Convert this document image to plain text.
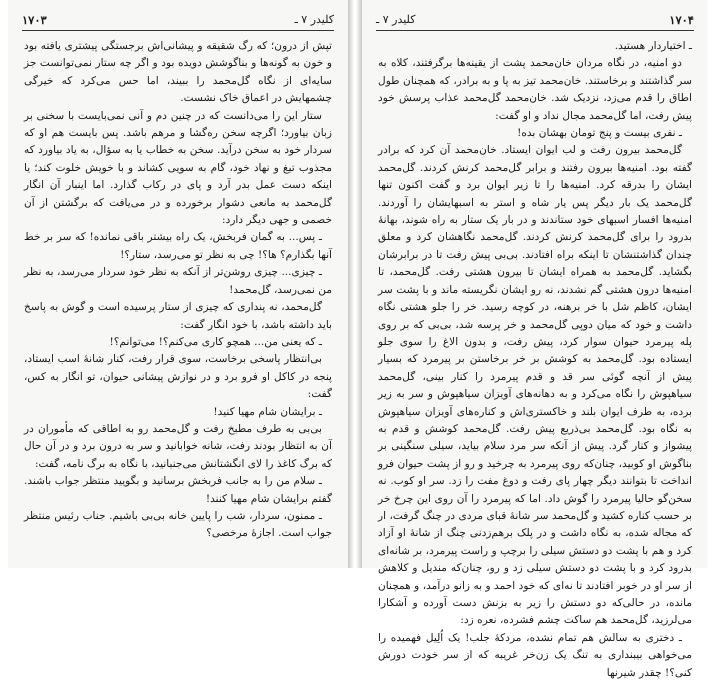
۱۷۰۳	کلیدر ۷ ـ

تپش از درون؛ که رگ شقیقه و پیشانی‌اش برجستگی پیشتری یافته بود و خون به گونه‌ها و بناگوشش دویده بود و اگر چه ستار نمی‌توانست جز سایه‌ای از نگاه گل‌محمد را ببیند، اما حس می‌کرد که خیرگی چشمهایش در اعماق خاک نشست.

ستار این را می‌دانست که در چنین دم و آنی نمی‌بایست با سخنی بر زبان بیاورد؛ اگرچه سخن ره‌گشا و مرهم باشد. پس بایست هم او که سردار خود به سخن درآید. سخن به خطاب یا به سؤال، به یاد بیاورد که مجذوب تیغ و نهاد خود، گام به سویی کشاند و با خویش خلوت کند؛ یا اینکه دست عمل بدر آرد و پای در رکاب گذارد. اما اینبار آن انگار گل‌محمد به مانعی دشوار برخورده و در می‌یافت که برگشتن از آن خصمی و جهی دیگر دارد:

ـ پس... به گمان فربخش، یک راه بیشتر باقی نمانده! که سر بر خط آنها بگذارم؟ ها؟! چی به نظر تو می‌رسد، ستار؟!

ـ چیزی... چیزی روشن‌تر از آنکه به نظر خود سردار می‌رسد، به نظر من نمی‌رسد، گل‌محمد!

گل‌محمد، نه پنداری که چیزی از ستار پرسیده است و گوش به پاسخ باید داشته باشد، با خود انگار گفت:

ـ که یعنی من... همچو کاری می‌کنم؟! می‌توانم؟!

بی‌انتظار پاسخی برخاست، سوی قرار رفت، کنار شانهٔ اسب ایستاد، پنجه در کاکل او فرو برد و در نوازش پیشانی حیوان، تو انگار به کس، گفت:

ـ برایشان شام مهیا کنید!

بی‌بی به طرف مطبخ رفت و گل‌محمد رو به اطاقی که مأموران در آن به انتظار بودند رفت، شانه خوابانید و سر به درون برد و در آن حال که برگ کاغذ را لای انگشتانش می‌جنبانید، با نگاه به برگ نامه، گفت:

ـ سلام من را به جانب فربخش برسانید و بگویید منتظر جواب باشند. گفتم برایشان شام مهیا کنند!

ـ ممنون، سردار، شب را پایین خانه بی‌بی باشیم. جناب رئیس منتظر جواب است. اجازهٔ مرخصی؟

۱۷۰۴
کلیدر ۷ ـ

ـ اختیاردار هستید.

دو امنیه، در نگاه مردان خان‌محمد پشت از یقینه‌ها برگرفتند، کلاه به سر گذاشتند و برخاستند. خان‌محمد تیز به پا و به برادر، که همچنان طول اطاق را قدم می‌زد، نزدیک شد. خان‌محمد گل‌محمد عذاب پرسش خود پیش رفت، اما گل‌محمد مجال نداد و او گفت:

ـ نفری بیست و پنج تومان بهشان بده!

گل‌محمد بیرون رفت و لب ایوان ایستاد. خان‌محمد آن کرد که برادر گفته بود. امنیه‌ها بیرون رفتند و برابر گل‌محمد کرنش کردند. گل‌محمد ایشان را بدرقه کرد. امنیه‌ها را تا زیر ایوان برد و گفت اکنون تنها گل‌محمد یک بار دیگر پس یار شاه و استر به اسبهایشان را آوردند. امنیه‌ها افسار اسبهای خود ستاندند و در بار یک ستار به راه شوند، بهانهٔ بدرود را برای گل‌محمد کرنش کردند. گل‌محمد نگاهشان کرد و معلق چندان گذاشتنشان تا اینکه براه افتادند. بی‌بی پیش رفت تا در برابرشان بگشاید. گل‌محمد به همراه ایشان تا بیرون هشتی رفت. گل‌محمد، تا امنیه‌ها درون هشتی گم نشدند، نه رو ایشان نگریسته ماند و با پشت سر ایشان، کاظم شل با خر برهنه، در کوچه رسید. خر را جلو هشتی نگاه داشت و خود که میان دوپی گل‌محمد و خر پرسه شد، بی‌بی که بر روی پله پیرمرد حیوان سوار کرد، پیش رفت، و بدون الاغ را سوی جلو ایستاده بود. گل‌محمد به کوشش بر خر برخاستن بر پیرمرد که بسیار پیش از آنچه گوئی سر قد و قدم پیرمرد را کنار بینی، گل‌محمد سیاهپوش را نگاه می‌کرد و به دهانه‌های آویزان سیاهپوش و سر به زیر برده، به طرف ایوان بلند و خاکستری‌اش و کناره‌های آویزان سیاهپوش به نگاه بود. گل‌محمد بی‌ذریع پیش رفت. گل‌محمد کوشش و قدم به پیشواز و کنار گرد. پیش از آنکه سر مرد سلام بیاید، سیلی سنگینی بر بناگوش او کوبید، چنان‌که روی پیرمرد به چرخید و رو از پشت حیوان فرو انداخت تا بتوانند دیگر چهار پای رفت و دوغ مفت را زد. سر او کوب. نه سخن‌گو حالیا پیرمرد را گوش داد. اما که پیرمرد را آن روی این چرخ خر بر حسب کناره کشید و گل‌محمد سر شانهٔ قبای مردی در چنگ گرفت، ار که مجاله شده، به نگاه داشت و در پلک برهم‌زدنی چنگ از شانهٔ او آزاد کرد و هم با پشت دو دستش سیلی را برچپ و راست پیرمرد، بر شانه‌ای بدرود کرد و با پشت دو دستش سیلی زد و رو، چنان‌که مندیل و کلاهش از سر او در خوبر افتادند تا نه‌ای که خود احمد و به زانو درآمد، و همچنان مانده، در حالی‌که دو دستش را زیر به بزنش دست آورده و آشکارا می‌لرزید، گل‌محمد هم ساکت چشم فشرده، نعره زد:

ـ دختری به سالش هم تمام نشده، مردکهٔ جلب! یک اُلِیل فهمیده را می‌خواهی بیبنداری به تنگ یک زن‌خر غریبه که از سر خودت دورش کنی؟! چقدر شیرنها
